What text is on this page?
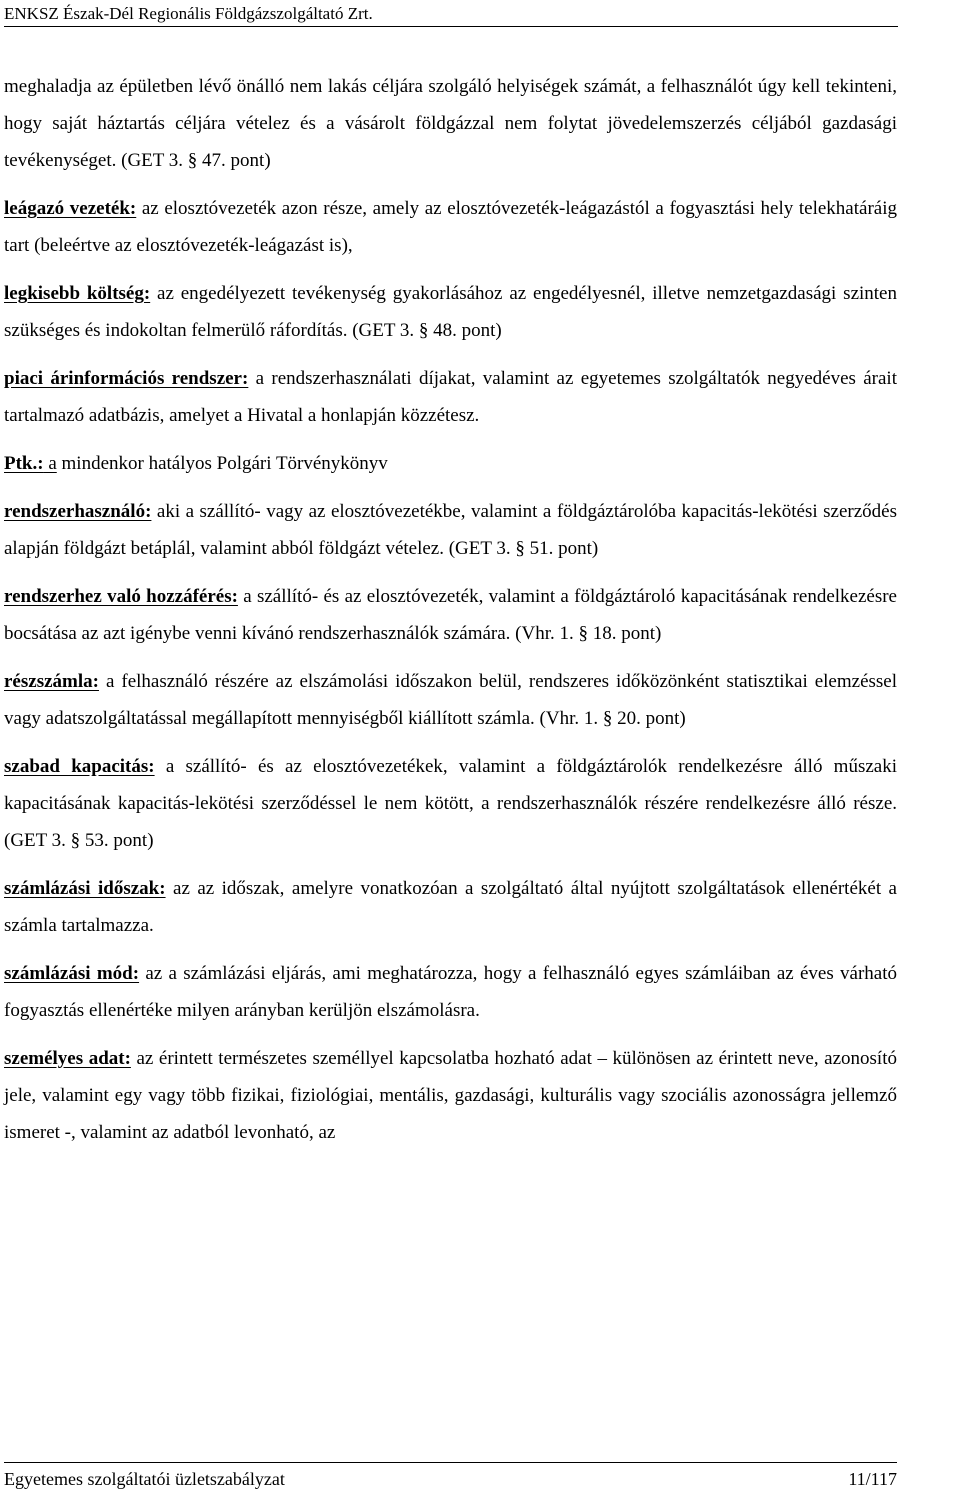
ENKSZ Észak-Dél Regionális Földgázszolgáltató Zrt.

meghaladja az épületben lévő önálló nem lakás céljára szolgáló helyiségek számát, a felhasználót úgy kell tekinteni, hogy saját háztartás céljára vételez és a vásárolt földgázzal nem folytat jövedelemszerzés céljából gazdasági tevékenységet. (GET 3. § 47. pont)

leágazó vezeték: az elosztóvezeték azon része, amely az elosztóvezeték-leágazástól a fogyasztási hely telekhatáráig tart (beleértve az elosztóvezeték-leágazást is),

legkisebb költség: az engedélyezett tevékenység gyakorlásához az engedélyesnél, illetve nemzetgazdasági szinten szükséges és indokoltan felmerülő ráfordítás. (GET 3. § 48. pont)

piaci árinformációs rendszer: a rendszerhasználati díjakat, valamint az egyetemes szolgáltatók negyedéves árait tartalmazó adatbázis, amelyet a Hivatal a honlapján közzétesz.

Ptk.: a mindenkor hatályos Polgári Törvénykönyv

rendszerhasználó: aki a szállító- vagy az elosztóvezetékbe, valamint a földgáztárolóba kapacitás-lekötési szerződés alapján földgázt betáplál, valamint abból földgázt vételez. (GET 3. § 51. pont)

rendszerhez való hozzáférés: a szállító- és az elosztóvezeték, valamint a földgáztároló kapacitásának rendelkezésre bocsátása az azt igénybe venni kívánó rendszerhasználók számára. (Vhr. 1. § 18. pont)

részszámla: a felhasználó részére az elszámolási időszakon belül, rendszeres időközönként statisztikai elemzéssel vagy adatszolgáltatással megállapított mennyiségből kiállított számla. (Vhr. 1. § 20. pont)

szabad kapacitás: a szállító- és az elosztóvezetékek, valamint a földgáztárolók rendelkezésre álló műszaki kapacitásának kapacitás-lekötési szerződéssel le nem kötött, a rendszerhasználók részére rendelkezésre álló része. (GET 3. § 53. pont)

számlázási időszak: az az időszak, amelyre vonatkozóan a szolgáltató által nyújtott szolgáltatások ellenértékét a számla tartalmazza.

számlázási mód: az a számlázási eljárás, ami meghatározza, hogy a felhasználó egyes számláiban az éves várható fogyasztás ellenértéke milyen arányban kerüljön elszámolásra.

személyes adat: az érintett természetes személlyel kapcsolatba hozható adat – különösen az érintett neve, azonosító jele, valamint egy vagy több fizikai, fiziológiai, mentális, gazdasági, kulturális vagy szociális azonosságra jellemző ismeret -, valamint az adatból levonható, az

Egyetemes szolgáltatói üzletszabályzat	11/117
